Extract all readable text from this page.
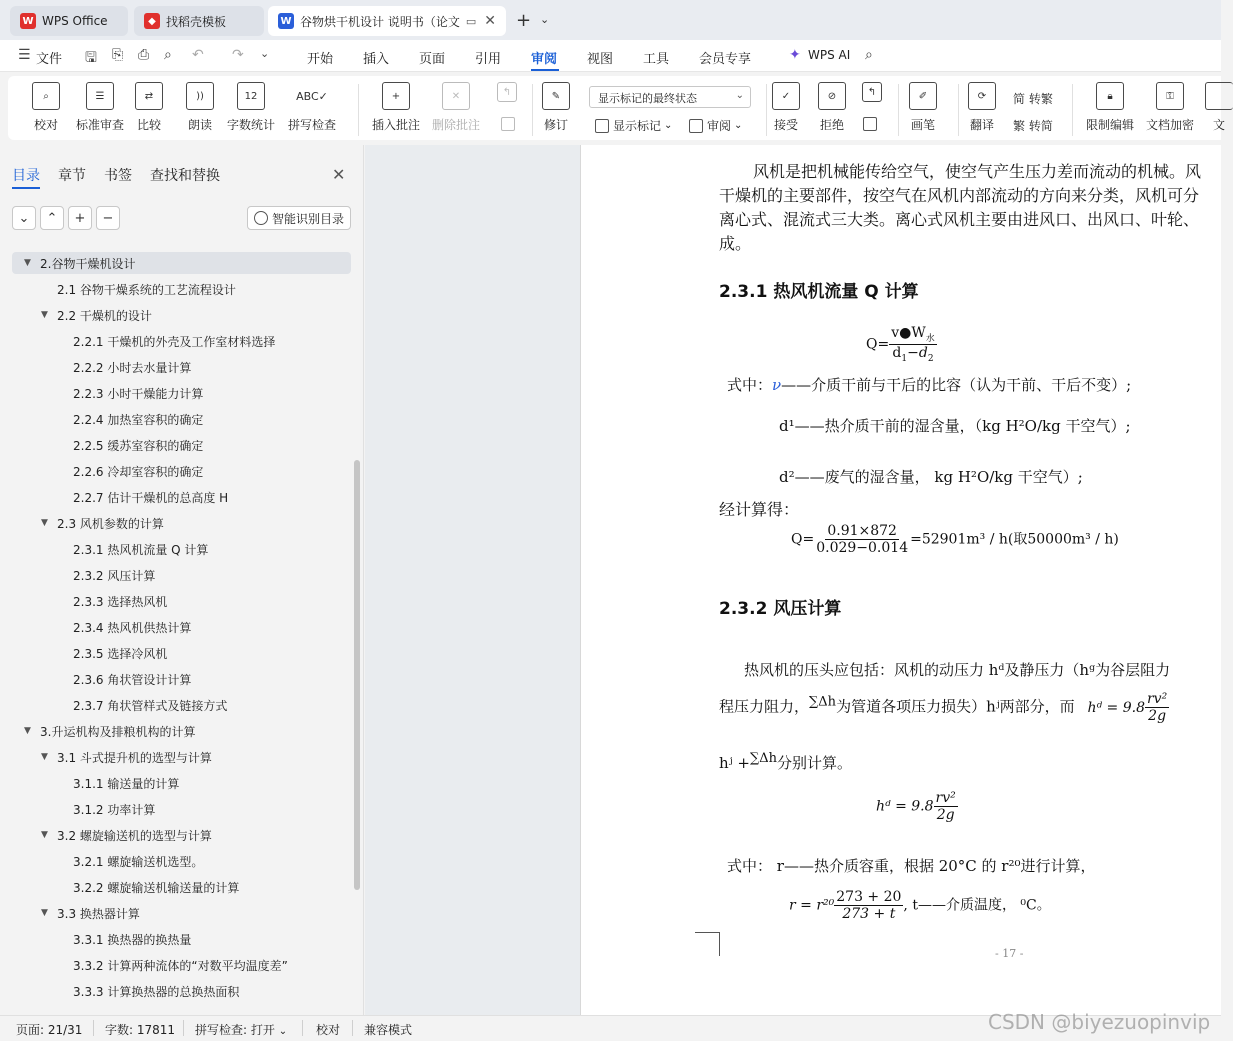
W WPS Office	◆ 找稻壳模板	W 谷物烘干机设计 说明书（论文 ▭ ✕ + ⌄
☰ 文件 🖫 ⎘ ⎙ ⌕ ↶ ↷ ⌄	开始 插入 页面 引用 审阅 视图 工具 会员专享	✦ WPS AI ⌕
⌕
校对
☰
标准审查
⇄
比较
))
朗读
12
字数统计
ABC✓
拼写检查
+
插入批注
✕
删除批注
↰	✎
修订
✓
接受
⊘
拒绝
↰	✐
画笔
⟳
翻译
🔒︎
限制编辑
⚿
文档加密 文
显示标记的最终状态	⌄
显示标记 ⌄	审阅 ⌄
简 转繁
繁 转简
目录 章节 书签 查找和替换	✕
⌄ ⌃ + −	智能识别目录
▼ 2.谷物干燥机设计
2.1 谷物干燥系统的工艺流程设计
▼ 2.2 干燥机的设计
2.2.1 干燥机的外壳及工作室材料选择
2.2.2 小时去水量计算
2.2.3 小时干燥能力计算
2.2.4 加热室容积的确定
2.2.5 缓苏室容积的确定
2.2.6 冷却室容积的确定
2.2.7 估计干燥机的总高度 H
▼ 2.3 风机参数的计算
2.3.1 热风机流量 Q 计算
2.3.2 风压计算
2.3.3 选择热风机
2.3.4 热风机供热计算
2.3.5 选择冷风机
2.3.6 角状管设计计算
2.3.7 角状管样式及链接方式
▼ 3.升运机构及排粮机构的计算
▼ 3.1 斗式提升机的选型与计算
3.1.1 输送量的计算
3.1.2 功率计算
▼ 3.2 螺旋输送机的选型与计算
3.2.1 螺旋输送机选型。
3.2.2 螺旋输送机输送量的计算
▼ 3.3 换热器计算
3.3.1 换热器的换热量
3.3.2 计算两种流体的“对数平均温度差”
3.3.3 计算换热器的总换热面积
风机是把机械能传给空气，使空气产生压力差而流动的机械。风
干燥机的主要部件，按空气在风机内部流动的方向来分类，风机可分
离心式、混流式三大类。离心式风机主要由进风口、出风口、叶轮、
成。
2.3.1 热风机流量 Q 计算
$Q= \frac{v●W_水}{d_1-d_2}$
式中：ν——介质干前与干后的比容（认为干前、干后不变）;
d¹——热介质干前的湿含量，（kg H²O/kg 干空气）;
d²——废气的湿含量， kg H²O/kg 干空气）;
经计算得：
$Q= \frac{0.91\times 872}{0.029-0.014} =52901m^3 / h$(取50000m³ / h)
2.3.2 风压计算
热风机的压头应包括：风机的动压力 hᵈ及静压力（hᵍ为谷层阻力
程压力阻力，∑Δh为管道各项压力损失）hʲ两部分，而 hᵈ = $9.8 \frac{\text{rv²}}{2g}$
hʲ +∑Δh分别计算。
hᵈ = $9.8 \frac{\text{rv²}}{2g}$
式中： r——热介质容重，根据 20°C 的 r²⁰进行计算，
$r = r^{20} \frac{273 + 20}{273 + t}$ , t——介质温度， ⁰C。
- 17 -
页面: 21/31 字数: 17811 拼写检查: 打开 ⌄ 校对 兼容模式	CSDN @biyezuopinvip
